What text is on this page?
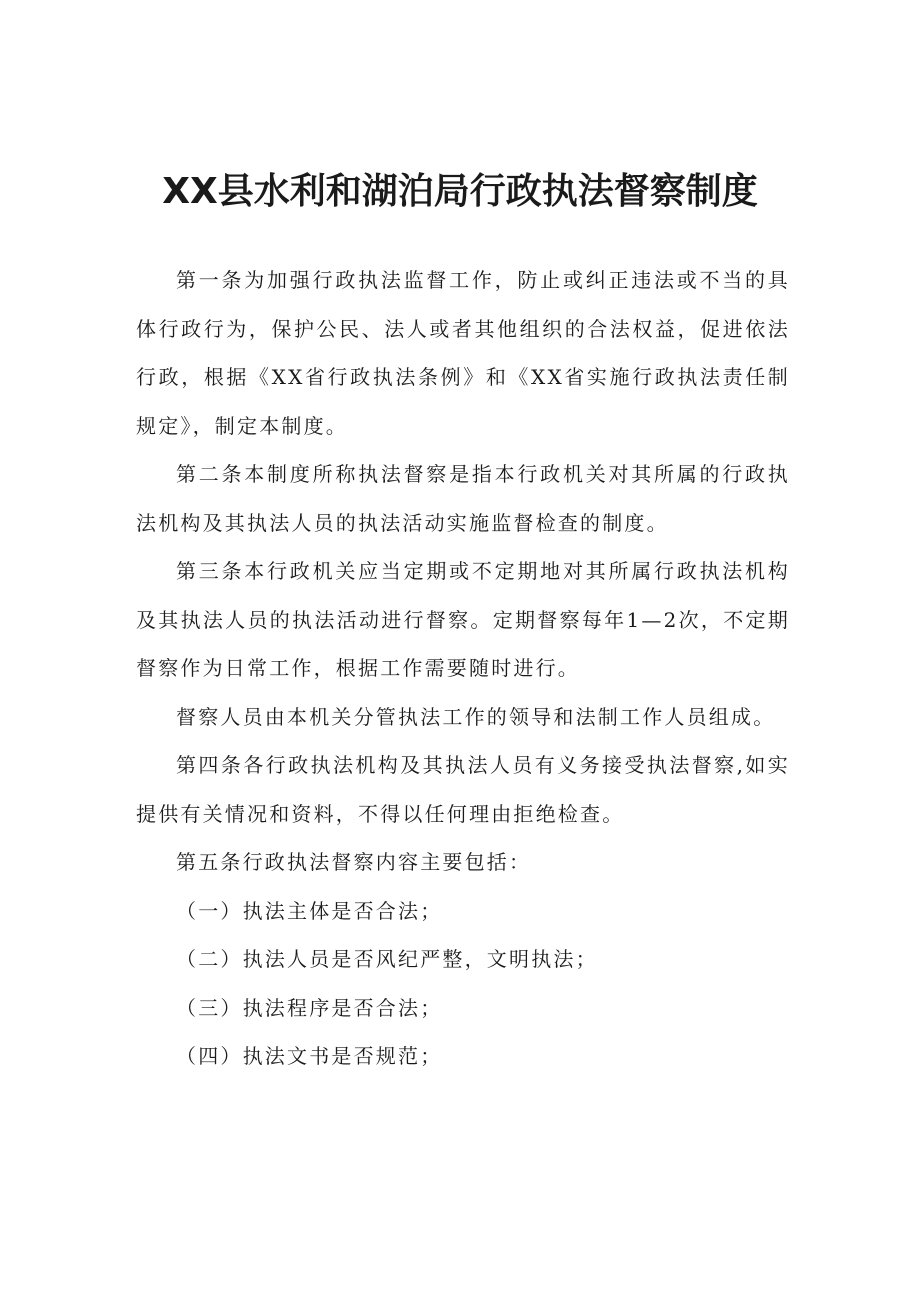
XX县水利和湖泊局行政执法督察制度

第一条为加强行政执法监督工作，防止或纠正违法或不当的具体行政行为，保护公民、法人或者其他组织的合法权益，促进依法行政，根据《XX省行政执法条例》和《XX省实施行政执法责任制规定》，制定本制度。

第二条本制度所称执法督察是指本行政机关对其所属的行政执法机构及其执法人员的执法活动实施监督检查的制度。

第三条本行政机关应当定期或不定期地对其所属行政执法机构及其执法人员的执法活动进行督察。定期督察每年1—2次，不定期督察作为日常工作，根据工作需要随时进行。

督察人员由本机关分管执法工作的领导和法制工作人员组成。

第四条各行政执法机构及其执法人员有义务接受执法督察,如实提供有关情况和资料，不得以任何理由拒绝检查。

第五条行政执法督察内容主要包括：

（一）执法主体是否合法；

（二）执法人员是否风纪严整，文明执法；

（三）执法程序是否合法；

（四）执法文书是否规范；
